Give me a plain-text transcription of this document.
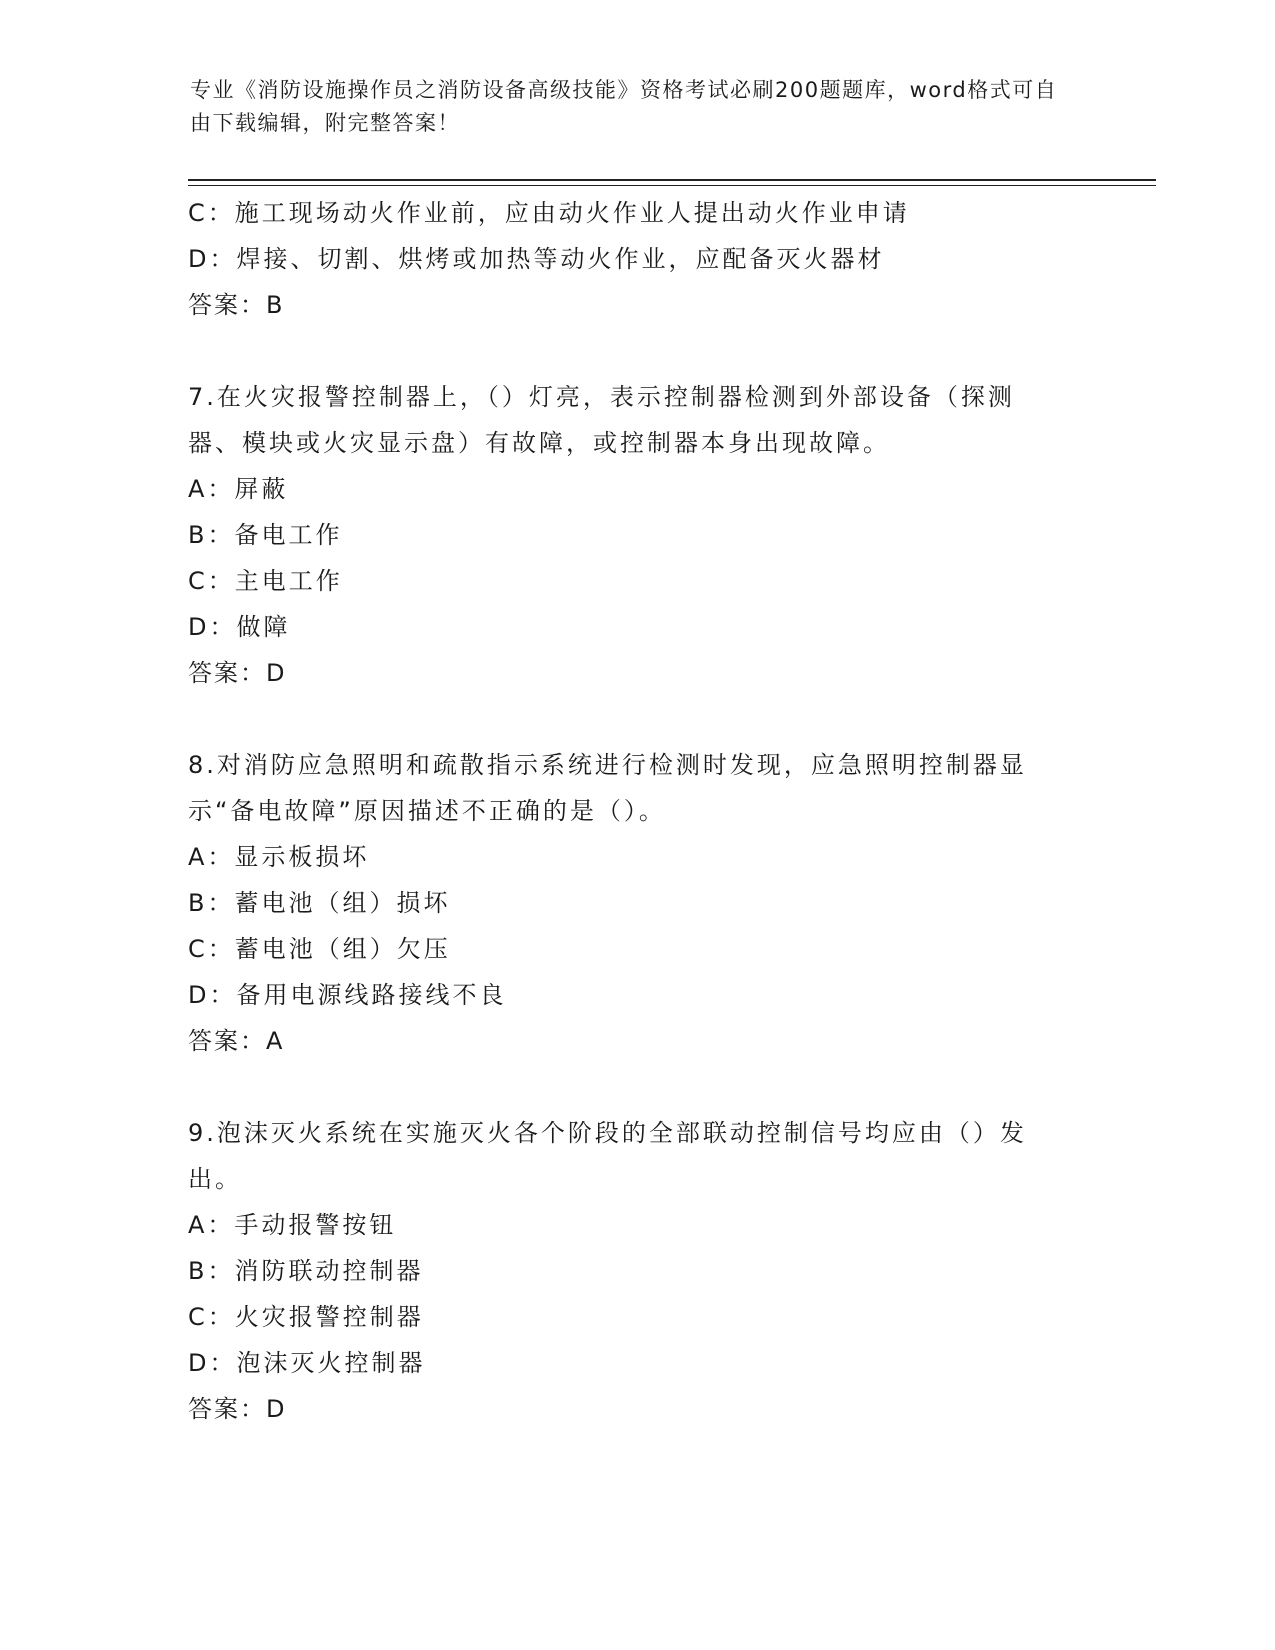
专业《消防设施操作员之消防设备高级技能》资格考试必刷200题题库，word格式可自由下载编辑，附完整答案！
C：施工现场动火作业前，应由动火作业人提出动火作业申请
D：焊接、切割、烘烤或加热等动火作业，应配备灭火器材
答案：B
7.在火灾报警控制器上，（）灯亮，表示控制器检测到外部设备（探测器、模块或火灾显示盘）有故障，或控制器本身出现故障。
A：屏蔽
B：备电工作
C：主电工作
D：做障
答案：D
8.对消防应急照明和疏散指示系统进行检测时发现，应急照明控制器显示“备电故障”原因描述不正确的是（）。
A：显示板损坏
B：蓄电池（组）损坏
C：蓄电池（组）欠压
D：备用电源线路接线不良
答案：A
9.泡沫灭火系统在实施灭火各个阶段的全部联动控制信号均应由（）发出。
A：手动报警按钮
B：消防联动控制器
C：火灾报警控制器
D：泡沫灭火控制器
答案：D
